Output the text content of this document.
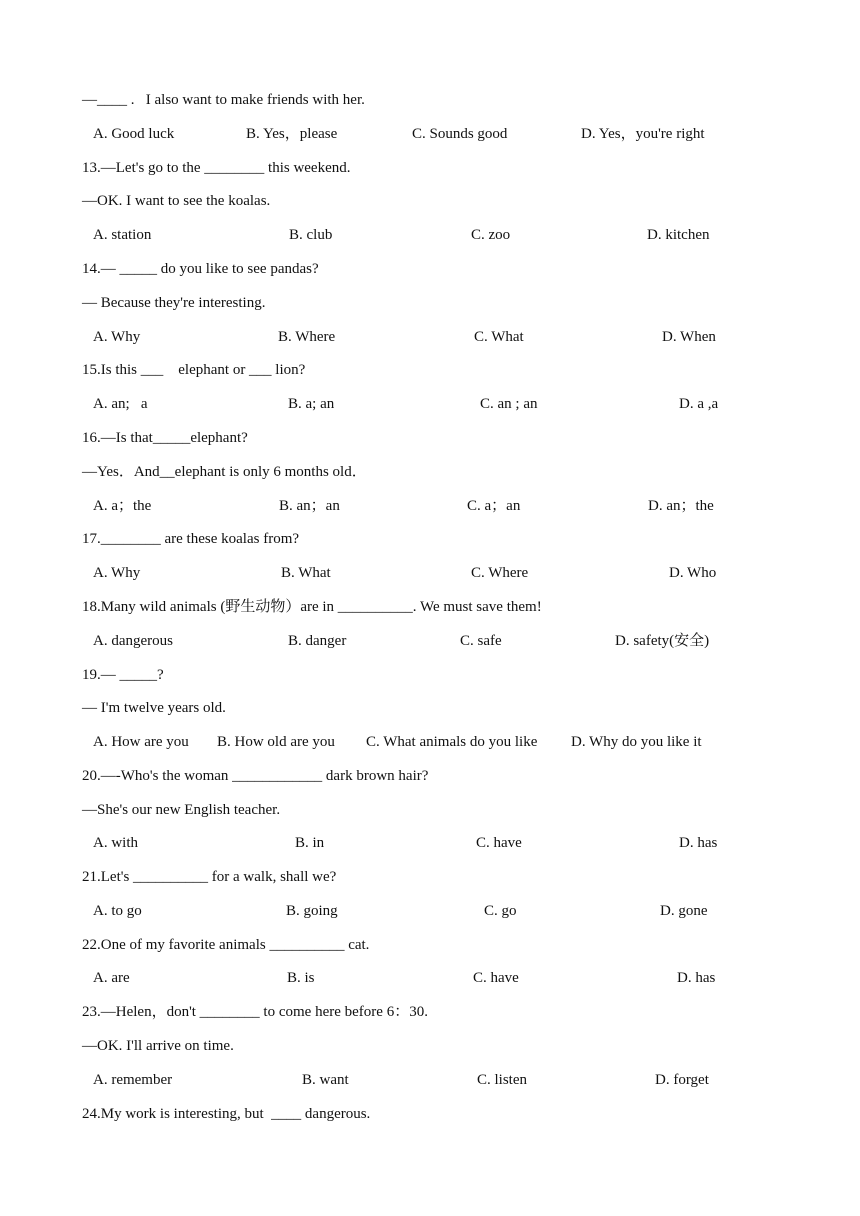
—____ .   I also want to make friends with her.
A. Good luck	B. Yes，please	C. Sounds good	D. Yes，you're right
13.—Let's go to the ________ this weekend.
—OK. I want to see the koalas.
A. station	B. club	C. zoo	D. kitchen
14.— _____ do you like to see pandas?
— Because they're interesting.
A. Why	B. Where	C. What	D. When
15.Is this ___    elephant or ___ lion?
A. an;   a	B. a; an	C. an ; an	D. a ,a
16.—Is that_____elephant?
—Yes．And__elephant is only 6 months old．
A. a；the	B. an；an	C. a；an	D. an；the
17.________ are these koalas from?
A. Why	B. What	C. Where	D. Who
18.Many wild animals (野生动物）are in __________. We must save them!
A. dangerous	B. danger	C. safe	D. safety(安全)
19.— _____?
— I'm twelve years old.
A. How are you B. How old are you C. What animals do you like D. Why do you like it
20.—-Who's the woman ____________ dark brown hair?
—She's our new English teacher.
A. with	B. in	C. have	D. has
21.Let's __________ for a walk, shall we?
A. to go	B. going	C. go	D. gone
22.One of my favorite animals __________ cat.
A. are	B. is	C. have	D. has
23.—Helen，don't ________ to come here before 6：30.
—OK. I'll arrive on time.
A. remember	B. want	C. listen	D. forget
24.My work is interesting, but  ____ dangerous.
